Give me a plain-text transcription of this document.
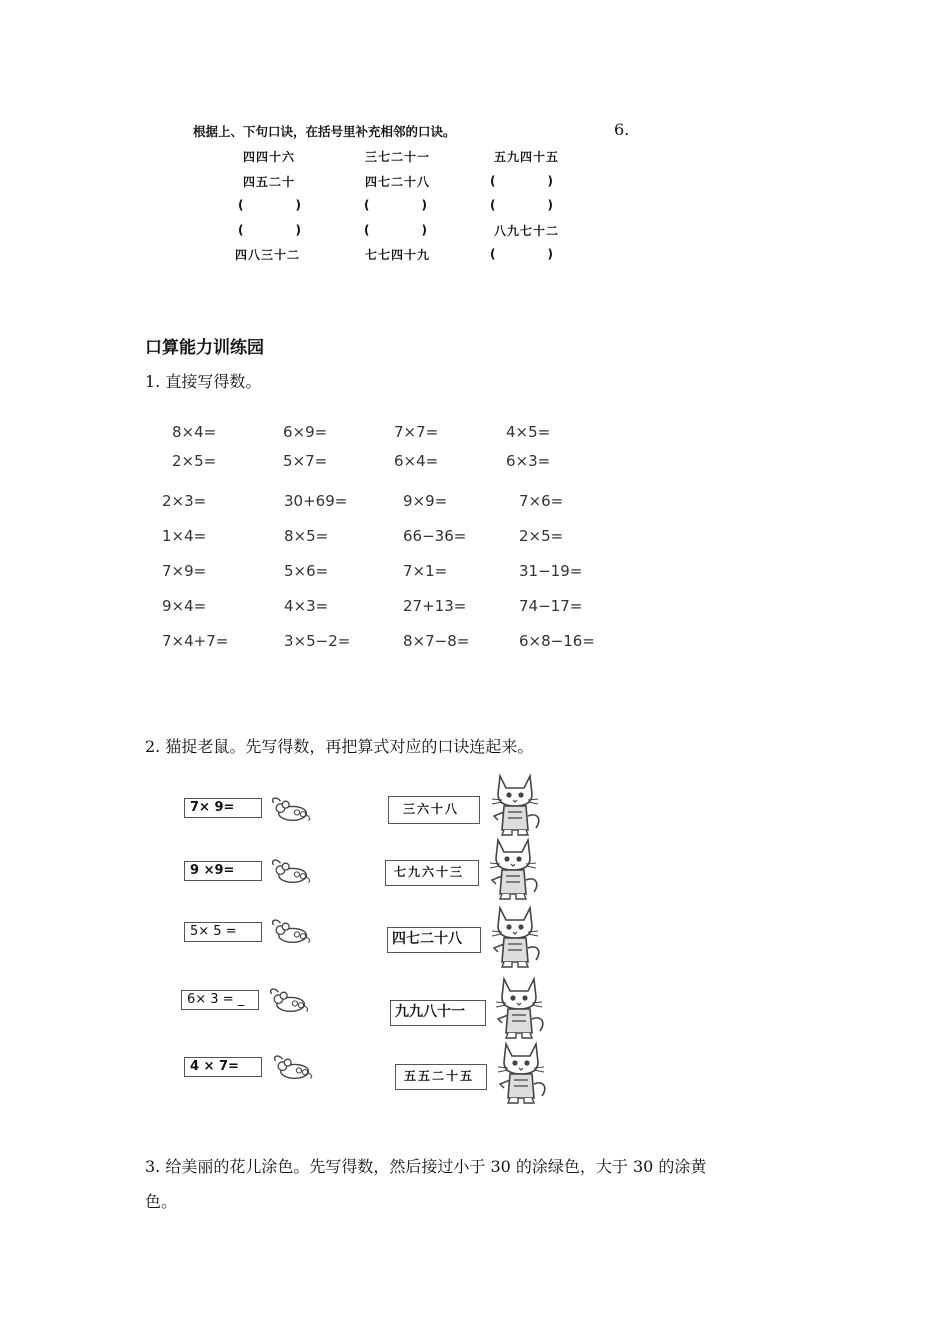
根据上、下句口诀，在括号里补充相邻的口诀。	6.
四四十六	三七二十一	五九四十五
四五二十	四七二十八	(　　　)
(　　　)	(　　　)	(　　　)
(　　　)	(　　　)	八九七十二
四八三十二	七七四十九	(　　　)
口算能力训练园
1. 直接写得数。
8×4=	6×9=	7×7=	4×5=
2×5=	5×7=	6×4=	6×3=
2×3=	30+69=	9×9=	7×6=
1×4=	8×5=	66−36=	2×5=
7×9=	5×6=	7×1=	31−19=
9×4=	4×3=	27+13=	74−17=
7×4+7=	3×5−2=	8×7−8=	6×8−16=
2. 猫捉老鼠。先写得数，再把算式对应的口诀连起来。
7× 9=
9 ×9=
5× 5 =
6× 3 = _
4 × 7=
三六十八
七九六十三
四七二十八
九九八十一
五五二十五
3. 给美丽的花儿涂色。先写得数，然后接过小于 30 的涂绿色，大于 30 的涂黄
色。
